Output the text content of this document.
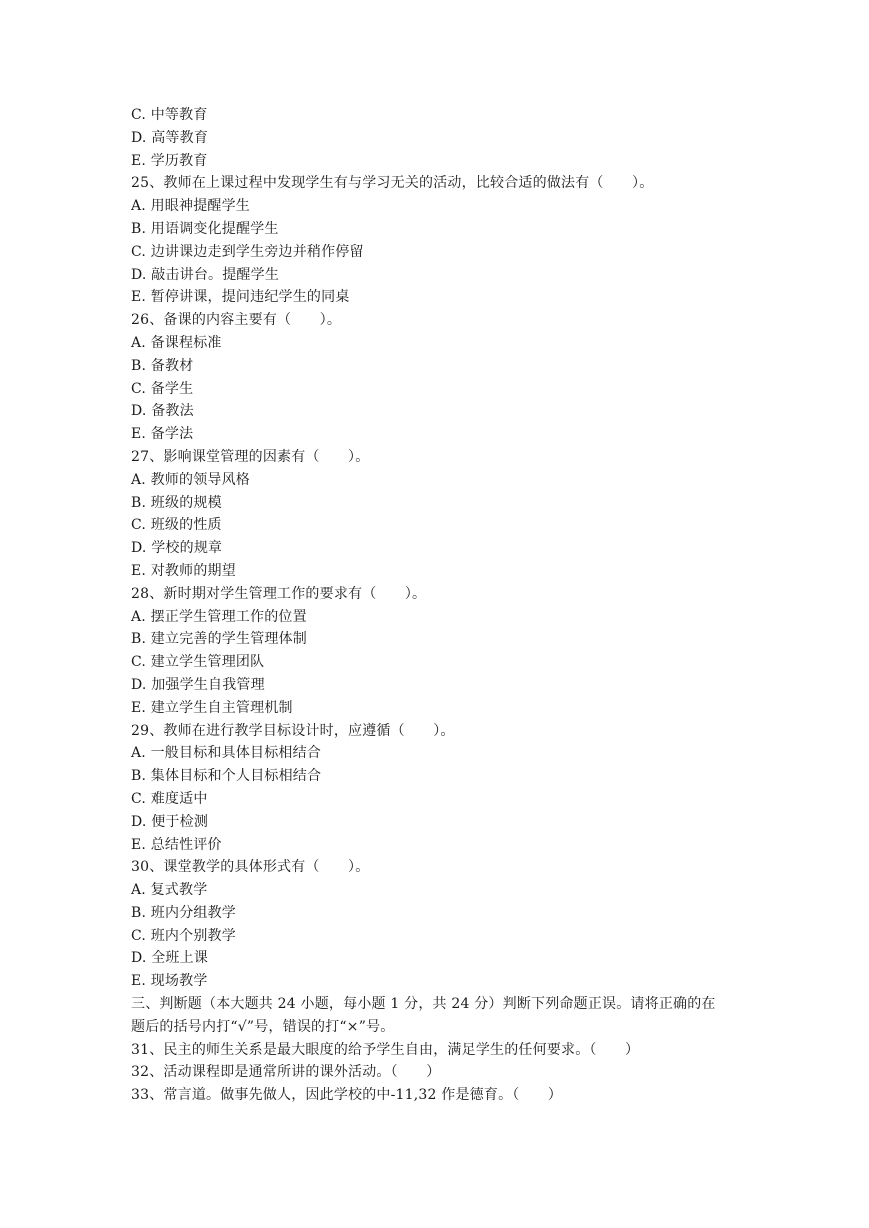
C. 中等教育
D. 高等教育
E. 学历教育
25、教师在上课过程中发现学生有与学习无关的活动，比较合适的做法有（　　）。
A. 用眼神提醒学生
B. 用语调变化提醒学生
C. 边讲课边走到学生旁边并稍作停留
D. 敲击讲台。提醒学生
E. 暂停讲课，提问违纪学生的同桌
26、备课的内容主要有（　　）。
A. 备课程标准
B. 备教材
C. 备学生
D. 备教法
E. 备学法
27、影响课堂管理的因素有（　　）。
A. 教师的领导风格
B. 班级的规模
C. 班级的性质
D. 学校的规章
E. 对教师的期望
28、新时期对学生管理工作的要求有（　　）。
A. 摆正学生管理工作的位置
B. 建立完善的学生管理体制
C. 建立学生管理团队
D. 加强学生自我管理
E. 建立学生自主管理机制
29、教师在进行教学目标设计时，应遵循（　　）。
A. 一般目标和具体目标相结合
B. 集体目标和个人目标相结合
C. 难度适中
D. 便于检测
E. 总结性评价
30、课堂教学的具体形式有（　　）。
A. 复式教学
B. 班内分组教学
C. 班内个别教学
D. 全班上课
E. 现场教学
三、判断题（本大题共 24 小题，每小题 1 分，共 24 分）判断下列命题正误。请将正确的在
题后的括号内打“√”号，错误的打“×”号。
31、民主的师生关系是最大眼度的给予学生自由，满足学生的任何要求。（　　）
32、活动课程即是通常所讲的课外活动。（　　）
33、常言道。做事先做人，因此学校的中-11,32 作是德育。（　　）
